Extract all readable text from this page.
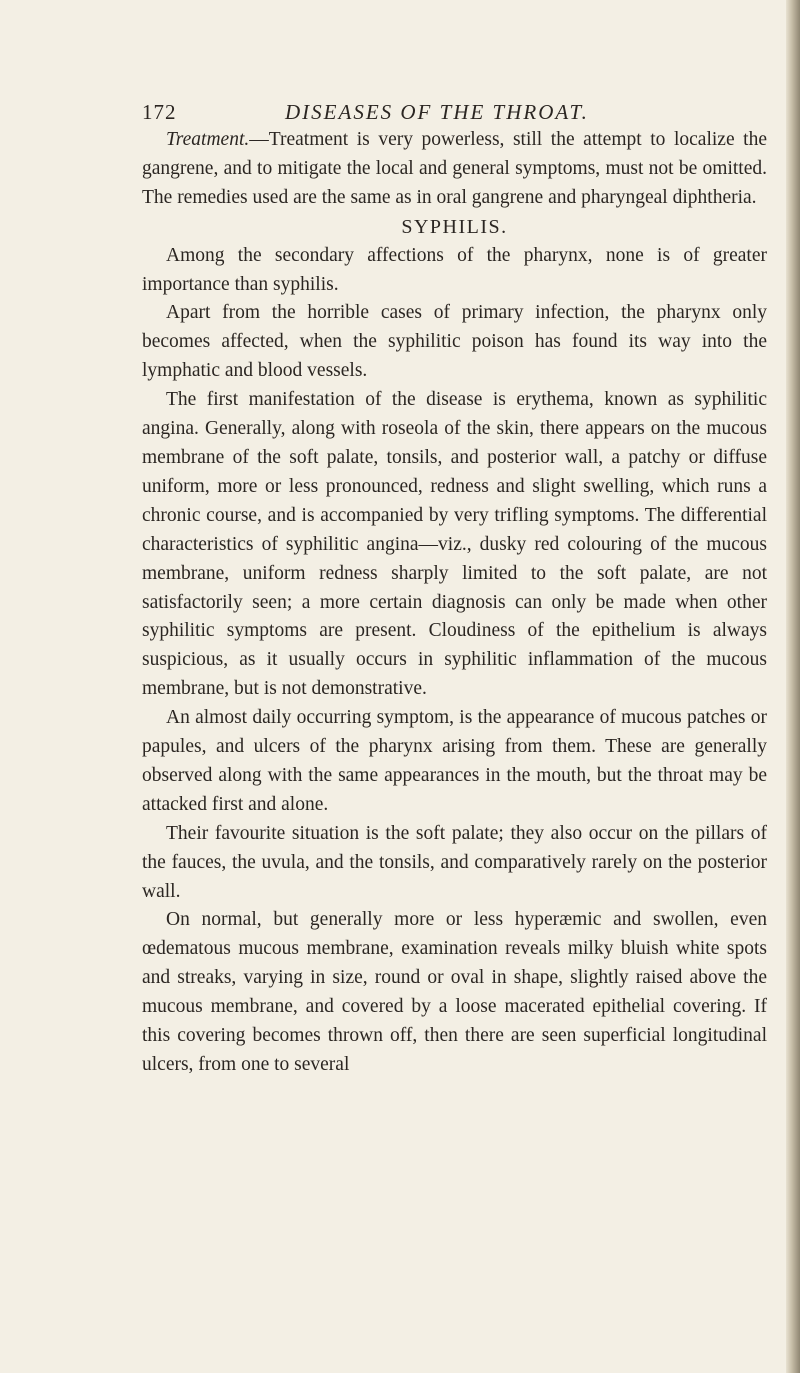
172	DISEASES OF THE THROAT.

Treatment.—Treatment is very powerless, still the attempt to localize the gangrene, and to mitigate the local and general symptoms, must not be omitted. The remedies used are the same as in oral gangrene and pharyngeal diphtheria.

SYPHILIS.

Among the secondary affections of the pharynx, none is of greater importance than syphilis.

Apart from the horrible cases of primary infection, the pharynx only becomes affected, when the syphilitic poison has found its way into the lymphatic and blood vessels.

The first manifestation of the disease is erythema, known as syphilitic angina. Generally, along with roseola of the skin, there appears on the mucous membrane of the soft palate, tonsils, and posterior wall, a patchy or diffuse uniform, more or less pronounced, redness and slight swelling, which runs a chronic course, and is accompanied by very trifling symptoms. The differential characteristics of syphilitic angina—viz., dusky red colouring of the mucous membrane, uniform redness sharply limited to the soft palate, are not satisfactorily seen; a more certain diagnosis can only be made when other syphilitic symptoms are present. Cloudiness of the epithelium is always suspicious, as it usually occurs in syphilitic inflammation of the mucous membrane, but is not demonstrative.

An almost daily occurring symptom, is the appearance of mucous patches or papules, and ulcers of the pharynx arising from them. These are generally observed along with the same appearances in the mouth, but the throat may be attacked first and alone.

Their favourite situation is the soft palate; they also occur on the pillars of the fauces, the uvula, and the tonsils, and comparatively rarely on the posterior wall.

On normal, but generally more or less hyperæmic and swollen, even œdematous mucous membrane, examination reveals milky bluish white spots and streaks, varying in size, round or oval in shape, slightly raised above the mucous membrane, and covered by a loose macerated epithelial covering. If this covering becomes thrown off, then there are seen superficial longitudinal ulcers, from one to several
